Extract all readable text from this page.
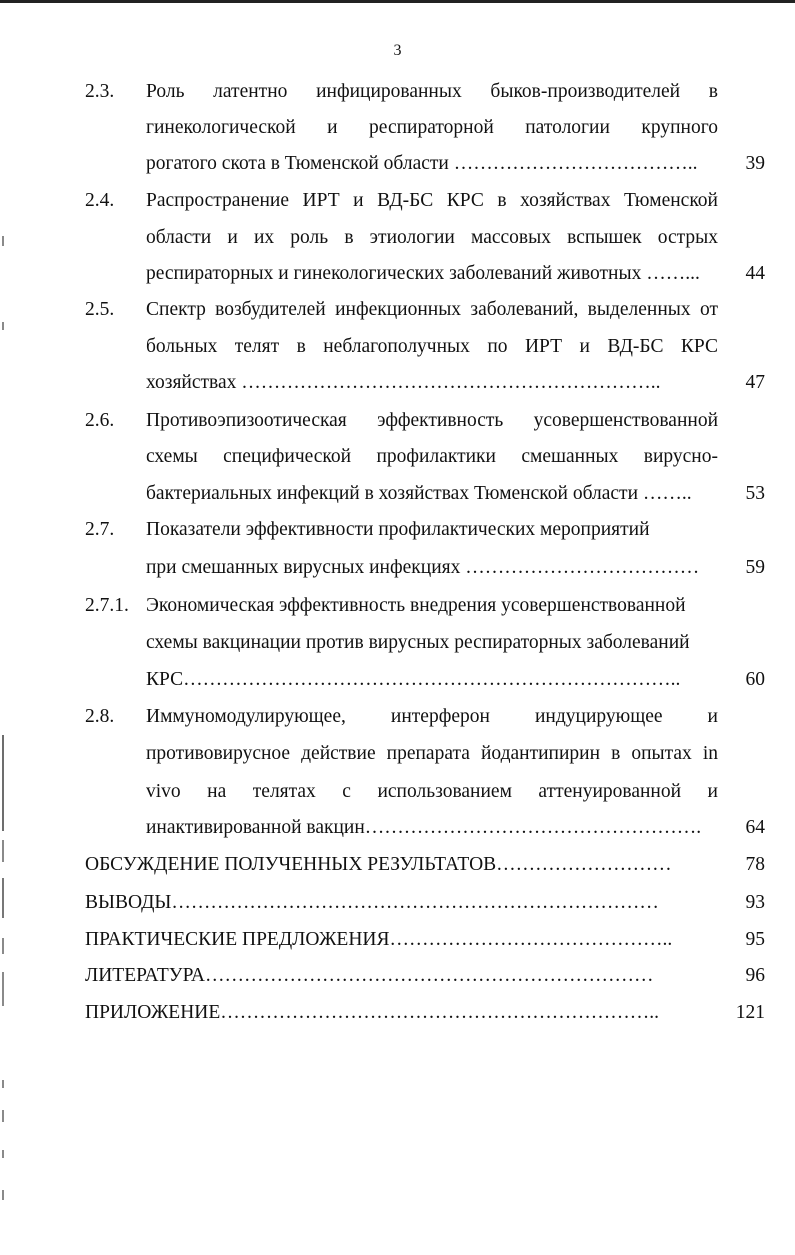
3
2.3. Роль латентно инфицированных быков-производителей в
гинекологической и респираторной патологии крупного
рогатого скота в Тюменской области ………………………………..	39
2.4. Распространение ИРТ и ВД-БС КРС в хозяйствах Тюменской
области и их роль в этиологии массовых вспышек острых
респираторных и гинекологических заболеваний животных ……...	44
2.5. Спектр возбудителей инфекционных заболеваний, выделенных от
больных телят в неблагополучных по ИРТ и ВД-БС КРС
хозяйствах ………………………………………………………..	47
2.6. Противоэпизоотическая эффективность усовершенствованной
схемы специфической профилактики смешанных вирусно-
бактериальных инфекций в хозяйствах Тюменской области ……..	53
2.7. Показатели эффективности профилактических мероприятий
при смешанных вирусных инфекциях ………………………………	59
2.7.1. Экономическая эффективность внедрения усовершенствованной
схемы вакцинации против вирусных респираторных заболеваний
КРС…………………………………………………………………..	60
2.8. Иммуномодулирующее, интерферон индуцирующее и
противовирусное действие препарата йодантипирин в опытах in
vivo на телятах с использованием аттенуированной и
инактивированной вакцин…………………………………………….	64
ОБСУЖДЕНИЕ ПОЛУЧЕННЫХ РЕЗУЛЬТАТОВ………………………	78
ВЫВОДЫ…………………………………………………………………	93
ПРАКТИЧЕСКИЕ ПРЕДЛОЖЕНИЯ……………………………………..	95
ЛИТЕРАТУРА……………………………………………………………	96
ПРИЛОЖЕНИЕ…………………………………………………………..	121
